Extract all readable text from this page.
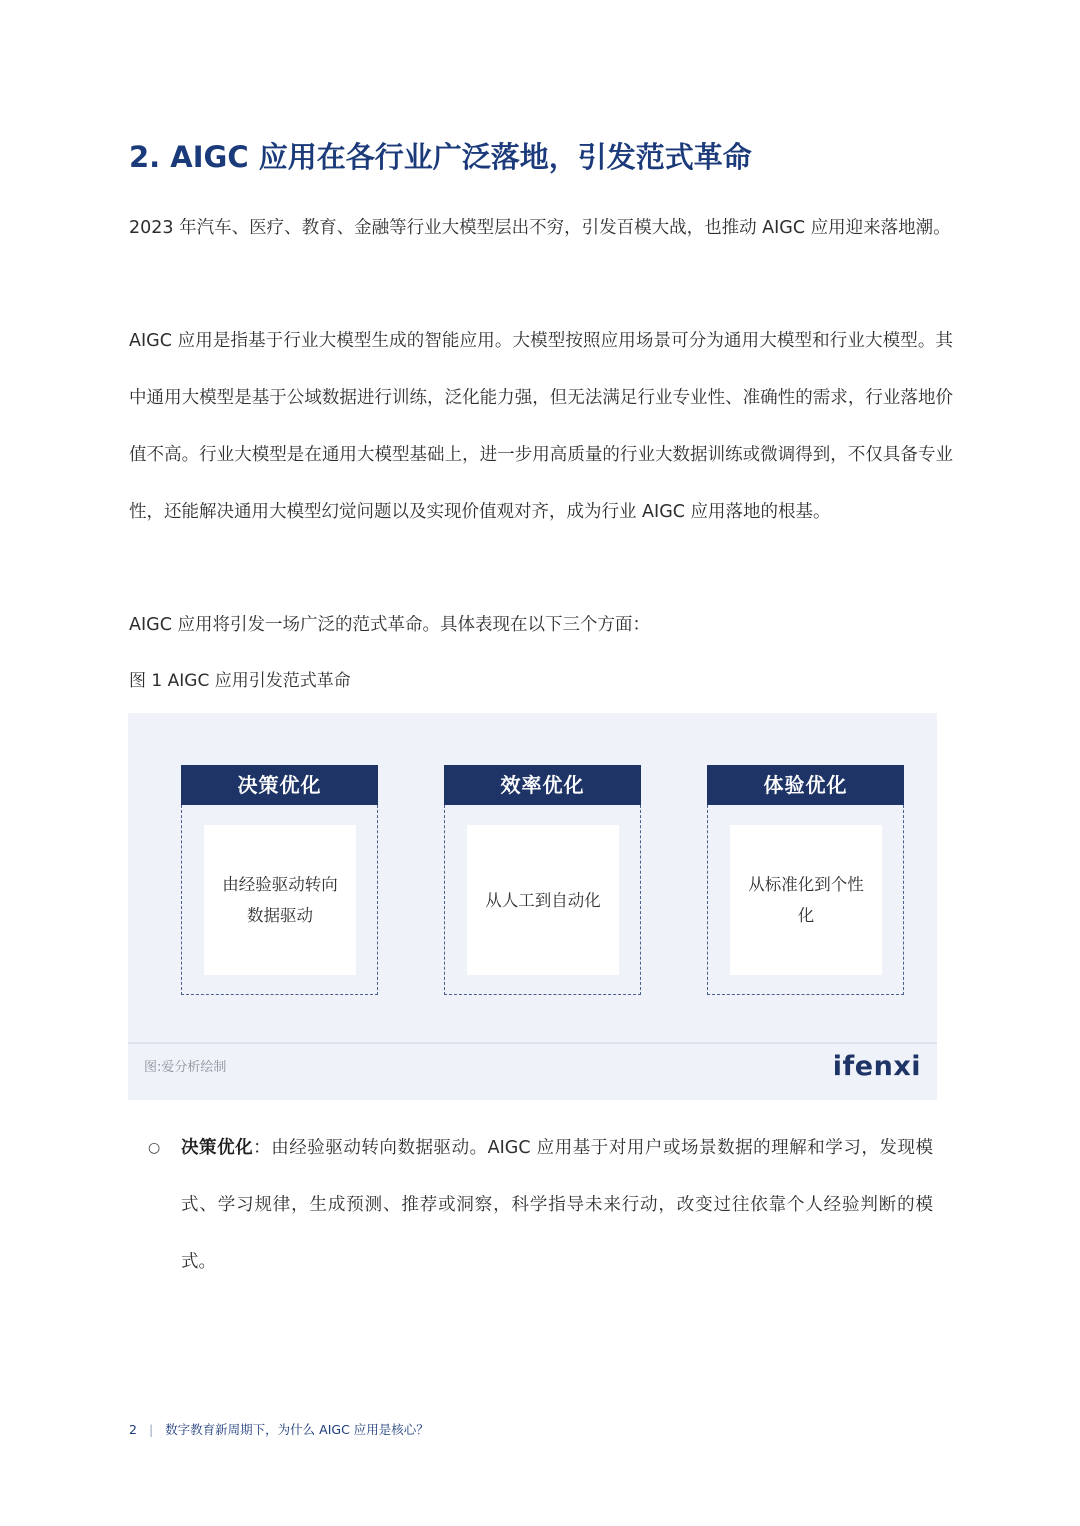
2. AIGC 应用在各行业广泛落地，引发范式革命

2023 年汽车、医疗、教育、金融等行业大模型层出不穷，引发百模大战，也推动 AIGC 应用迎来落地潮。

AIGC 应用是指基于行业大模型生成的智能应用。大模型按照应用场景可分为通用大模型和行业大模型。其中通用大模型是基于公域数据进行训练，泛化能力强，但无法满足行业专业性、准确性的需求，行业落地价值不高。行业大模型是在通用大模型基础上，进一步用高质量的行业大数据训练或微调得到，不仅具备专业性，还能解决通用大模型幻觉问题以及实现价值观对齐，成为行业 AIGC 应用落地的根基。

AIGC 应用将引发一场广泛的范式革命。具体表现在以下三个方面：

图 1 AIGC 应用引发范式革命

决策优化
由经验驱动转向数据驱动
效率优化
从人工到自动化
体验优化
从标准化到个性化
图:爱分析绘制	ifenxi
○ 决策优化：由经验驱动转向数据驱动。AIGC 应用基于对用户或场景数据的理解和学习，发现模式、学习规律，生成预测、推荐或洞察，科学指导未来行动，改变过往依靠个人经验判断的模式。

2 | 数字教育新周期下，为什么 AIGC 应用是核心？
